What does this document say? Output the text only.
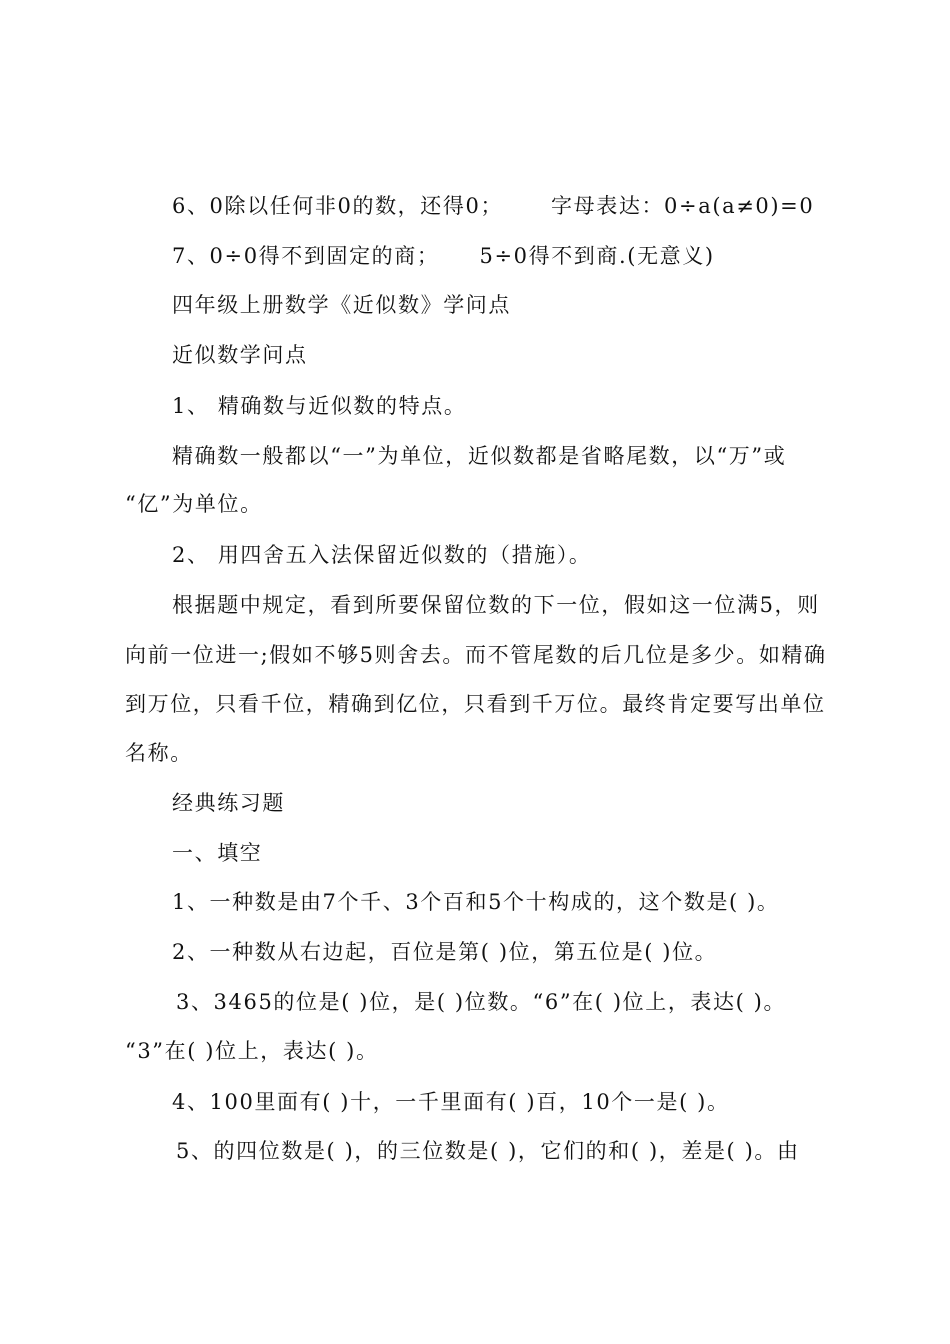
6、0除以任何非0的数，还得0； 字母表达：0÷a(a≠0)=0
7、0÷0得不到固定的商； 5÷0得不到商.(无意义)
四年级上册数学《近似数》学问点
近似数学问点
1、 精确数与近似数的特点。
精确数一般都以“一”为单位，近似数都是省略尾数，以“万”或
“亿”为单位。
2、 用四舍五入法保留近似数的（措施）。
根据题中规定，看到所要保留位数的下一位，假如这一位满5，则
向前一位进一;假如不够5则舍去。而不管尾数的后几位是多少。如精确
到万位，只看千位，精确到亿位，只看到千万位。最终肯定要写出单位
名称。
经典练习题
一、填空
1、一种数是由7个千、3个百和5个十构成的，这个数是( )。
2、一种数从右边起，百位是第( )位，第五位是( )位。
3、3465的位是( )位，是( )位数。“6”在( )位上，表达( )。
“3”在( )位上，表达( )。
4、100里面有( )十，一千里面有( )百，10个一是( )。
5、的四位数是( )，的三位数是( )，它们的和( )，差是( )。由
